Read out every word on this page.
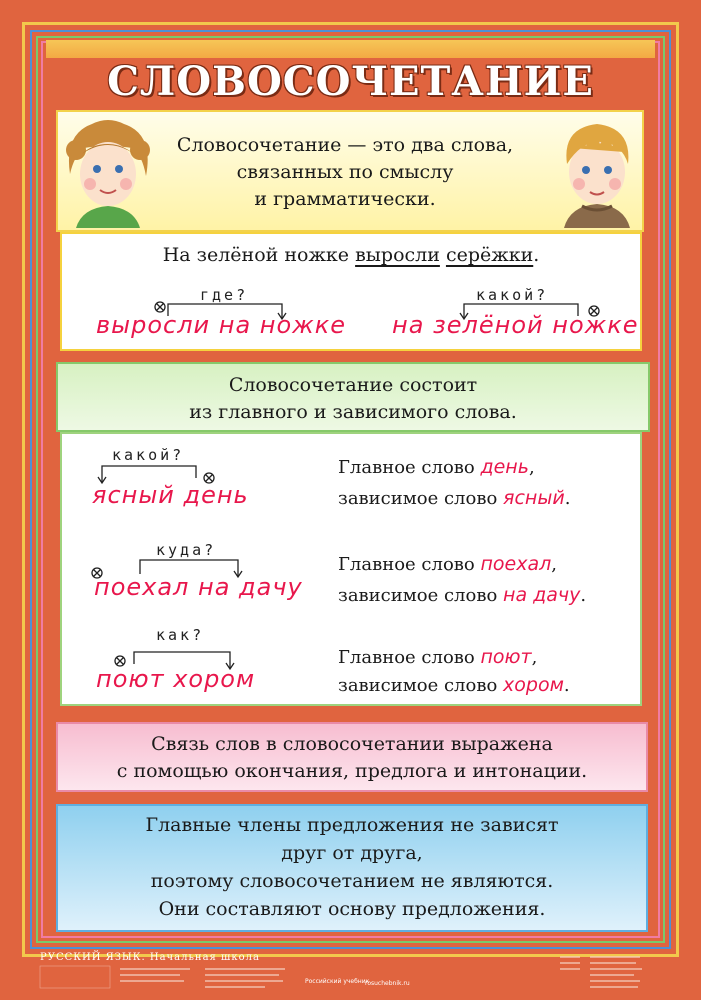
СЛОВОСОЧЕТАНИЕ
Словосочетание — это два слова,
связанных по смыслу
и грамматически.
На зелёной ножке выросли серёжки.
где?
выросли на ножке
какой?
на зелёной ножке
Словосочетание состоит
из главного и зависимого слова.
какой?
ясный день
Главное слово день,
зависимое слово ясный.
куда?
поехал на дачу
Главное слово поехал,
зависимое слово на дачу.
как?
поют хором
Главное слово поют,
зависимое слово хором.
Связь слов в словосочетании выражена
с помощью окончания, предлога и интонации.
Главные члены предложения не зависят
друг от друга,
поэтому словосочетанием не являются.
Они составляют основу предложения.
РУССКИЙ ЯЗЫК. Начальная школа
Российский учебник
rosuchebnik.ru
